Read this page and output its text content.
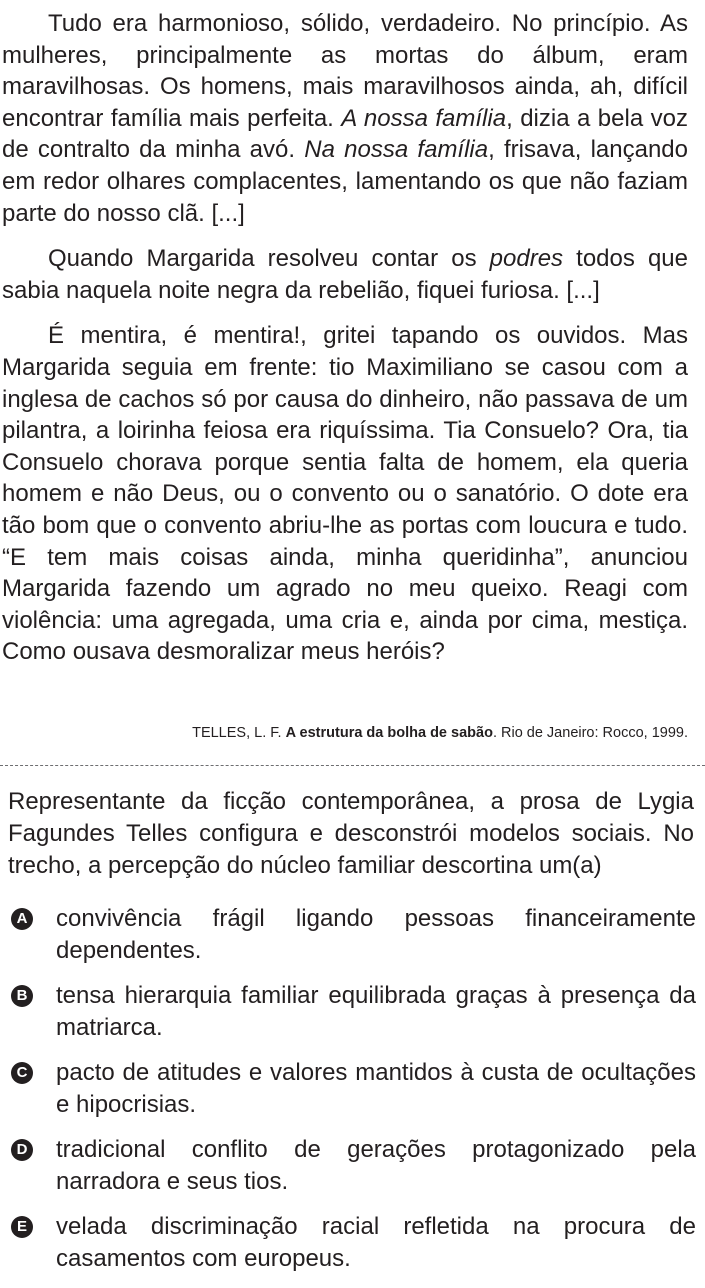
Tudo era harmonioso, sólido, verdadeiro. No princípio. As mulheres, principalmente as mortas do álbum, eram maravilhosas. Os homens, mais maravilhosos ainda, ah, difícil encontrar família mais perfeita. A nossa família, dizia a bela voz de contralto da minha avó. Na nossa família, frisava, lançando em redor olhares complacentes, lamentando os que não faziam parte do nosso clã. [...]

Quando Margarida resolveu contar os podres todos que sabia naquela noite negra da rebelião, fiquei furiosa. [...]

É mentira, é mentira!, gritei tapando os ouvidos. Mas Margarida seguia em frente: tio Maximiliano se casou com a inglesa de cachos só por causa do dinheiro, não passava de um pilantra, a loirinha feiosa era riquíssima. Tia Consuelo? Ora, tia Consuelo chorava porque sentia falta de homem, ela queria homem e não Deus, ou o convento ou o sanatório. O dote era tão bom que o convento abriu-lhe as portas com loucura e tudo. “E tem mais coisas ainda, minha queridinha”, anunciou Margarida fazendo um agrado no meu queixo. Reagi com violência: uma agregada, uma cria e, ainda por cima, mestiça. Como ousava desmoralizar meus heróis?

TELLES, L. F. A estrutura da bolha de sabão. Rio de Janeiro: Rocco, 1999.

Representante da ficção contemporânea, a prosa de Lygia Fagundes Telles configura e desconstrói modelos sociais. No trecho, a percepção do núcleo familiar descortina um(a)

A convivência frágil ligando pessoas financeiramente dependentes.
B tensa hierarquia familiar equilibrada graças à presença da matriarca.
C pacto de atitudes e valores mantidos à custa de ocultações e hipocrisias.
D tradicional conflito de gerações protagonizado pela narradora e seus tios.
E velada discriminação racial refletida na procura de casamentos com europeus.
